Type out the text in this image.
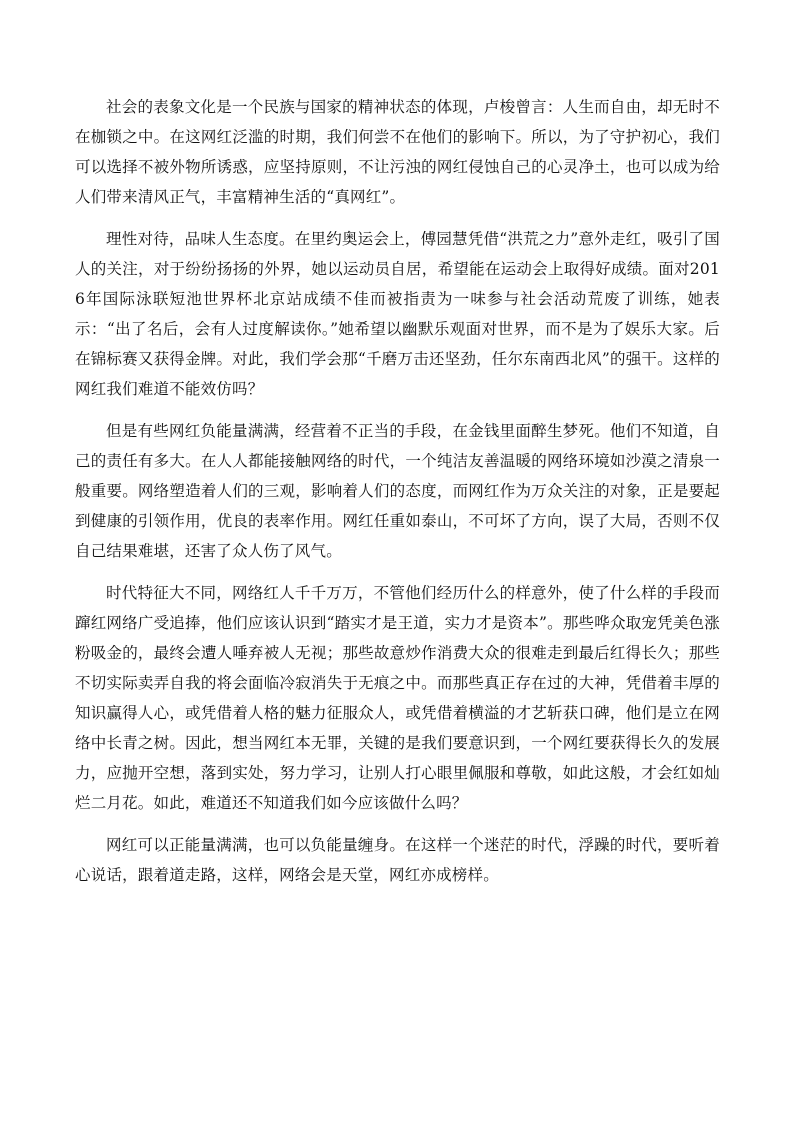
社会的表象文化是一个民族与国家的精神状态的体现，卢梭曾言：人生而自由，却无时不在枷锁之中。在这网红泛滥的时期，我们何尝不在他们的影响下。所以，为了守护初心，我们可以选择不被外物所诱惑，应坚持原则，不让污浊的网红侵蚀自己的心灵净土，也可以成为给人们带来清风正气，丰富精神生活的“真网红”。

理性对待，品味人生态度。在里约奥运会上，傅园慧凭借“洪荒之力”意外走红，吸引了国人的关注，对于纷纷扬扬的外界，她以运动员自居，希望能在运动会上取得好成绩。面对2016年国际泳联短池世界杯北京站成绩不佳而被指责为一味参与社会活动荒废了训练，她表示：“出了名后，会有人过度解读你。”她希望以幽默乐观面对世界，而不是为了娱乐大家。后在锦标赛又获得金牌。对此，我们学会那“千磨万击还坚劲，任尔东南西北风”的强干。这样的网红我们难道不能效仿吗？

但是有些网红负能量满满，经营着不正当的手段，在金钱里面醉生梦死。他们不知道，自己的责任有多大。在人人都能接触网络的时代，一个纯洁友善温暖的网络环境如沙漠之清泉一般重要。网络塑造着人们的三观，影响着人们的态度，而网红作为万众关注的对象，正是要起到健康的引领作用，优良的表率作用。网红任重如泰山，不可坏了方向，误了大局，否则不仅自己结果难堪，还害了众人伤了风气。

时代特征大不同，网络红人千千万万，不管他们经历什么的样意外，使了什么样的手段而蹿红网络广受追捧，他们应该认识到“踏实才是王道，实力才是资本”。那些哗众取宠凭美色涨粉吸金的，最终会遭人唾弃被人无视；那些故意炒作消费大众的很难走到最后红得长久；那些不切实际卖弄自我的将会面临冷寂消失于无痕之中。而那些真正存在过的大神，凭借着丰厚的知识赢得人心，或凭借着人格的魅力征服众人，或凭借着横溢的才艺斩获口碑，他们是立在网络中长青之树。因此，想当网红本无罪，关键的是我们要意识到，一个网红要获得长久的发展力，应抛开空想，落到实处，努力学习，让别人打心眼里佩服和尊敬，如此这般，才会红如灿烂二月花。如此，难道还不知道我们如今应该做什么吗？

网红可以正能量满满，也可以负能量缠身。在这样一个迷茫的时代，浮躁的时代，要听着心说话，跟着道走路，这样，网络会是天堂，网红亦成榜样。
